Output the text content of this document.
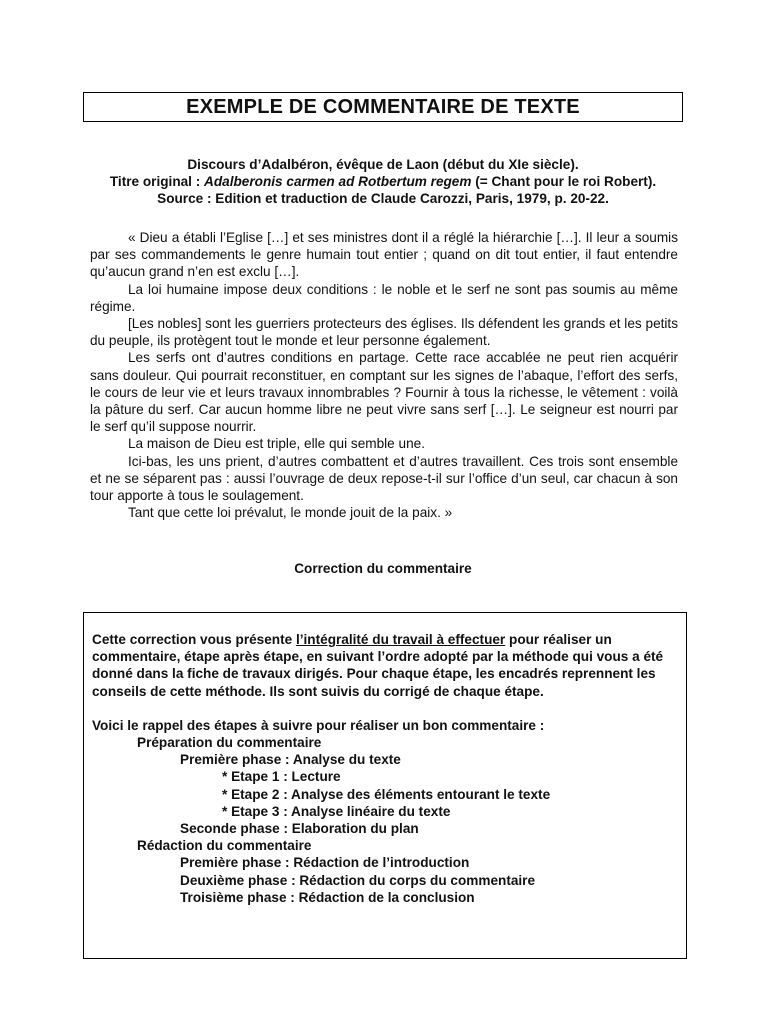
EXEMPLE DE COMMENTAIRE DE TEXTE
Discours d’Adalbéron, évêque de Laon (début du XIe siècle).
Titre original : Adalberonis carmen ad Rotbertum regem (= Chant pour le roi Robert).
Source : Edition et traduction de Claude Carozzi, Paris, 1979, p. 20-22.

« Dieu a établi l’Eglise […] et ses ministres dont il a réglé la hiérarchie […]. Il leur a soumis par ses commandements le genre humain tout entier ; quand on dit tout entier, il faut entendre qu’aucun grand n’en est exclu […].

La loi humaine impose deux conditions : le noble et le serf ne sont pas soumis au même régime.

[Les nobles] sont les guerriers protecteurs des églises. Ils défendent les grands et les petits du peuple, ils protègent tout le monde et leur personne également.

Les serfs ont d’autres conditions en partage. Cette race accablée ne peut rien acquérir sans douleur. Qui pourrait reconstituer, en comptant sur les signes de l’abaque, l’effort des serfs, le cours de leur vie et leurs travaux innombrables ? Fournir à tous la richesse, le vêtement : voilà la pâture du serf. Car aucun homme libre ne peut vivre sans serf […]. Le seigneur est nourri par le serf qu’il suppose nourrir.

La maison de Dieu est triple, elle qui semble une.

Ici-bas, les uns prient, d’autres combattent et d’autres travaillent. Ces trois sont ensemble et ne se séparent pas : aussi l’ouvrage de deux repose-t-il sur l’office d’un seul, car chacun à son tour apporte à tous le soulagement.

Tant que cette loi prévalut, le monde jouit de la paix. »

Correction du commentaire

Cette correction vous présente l’intégralité du travail à effectuer pour réaliser un commentaire, étape après étape, en suivant l’ordre adopté par la méthode qui vous a été donné dans la fiche de travaux dirigés. Pour chaque étape, les encadrés reprennent les conseils de cette méthode. Ils sont suivis du corrigé de chaque étape.

Voici le rappel des étapes à suivre pour réaliser un bon commentaire :

Préparation du commentaire
Première phase : Analyse du texte
* Etape 1 : Lecture
* Etape 2 : Analyse des éléments entourant le texte
* Etape 3 : Analyse linéaire du texte
Seconde phase : Elaboration du plan
Rédaction du commentaire
Première phase : Rédaction de l’introduction
Deuxième phase : Rédaction du corps du commentaire
Troisième phase : Rédaction de la conclusion
